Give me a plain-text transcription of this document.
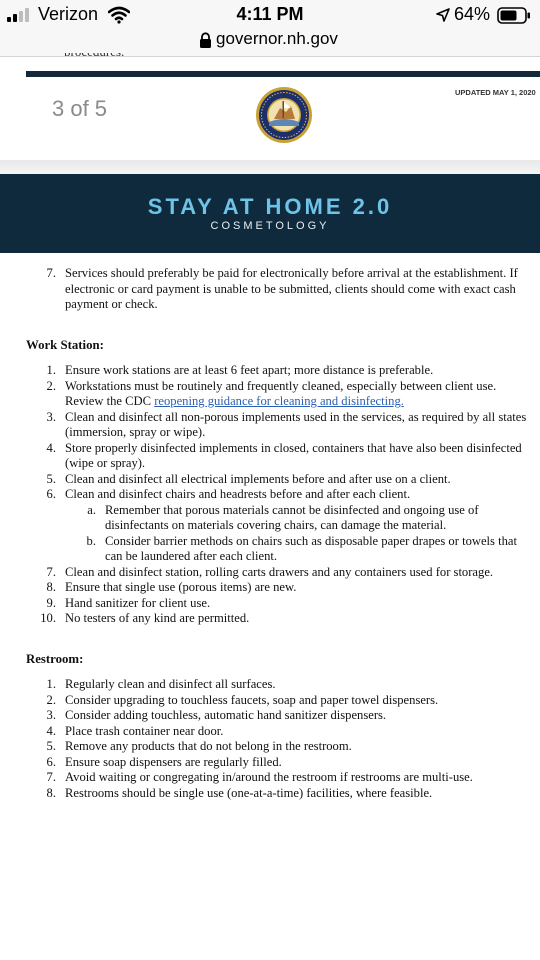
Verizon	4:11 PM	64%
governor.nh.gov
3 of 5
UPDATED MAY 1, 2020
STAY AT HOME 2.0
COSMETOLOGY
7. Services should preferably be paid for electronically before arrival at the establishment. If electronic or card payment is unable to be submitted, clients should come with exact cash payment or check.
Work Station:
1. Ensure work stations are at least 6 feet apart; more distance is preferable.
2. Workstations must be routinely and frequently cleaned, especially between client use. Review the CDC reopening guidance for cleaning and disinfecting.
3. Clean and disinfect all non-porous implements used in the services, as required by all states (immersion, spray or wipe).
4. Store properly disinfected implements in closed, containers that have also been disinfected (wipe or spray).
5. Clean and disinfect all electrical implements before and after use on a client.
6. Clean and disinfect chairs and headrests before and after each client.
a. Remember that porous materials cannot be disinfected and ongoing use of disinfectants on materials covering chairs, can damage the material.
b. Consider barrier methods on chairs such as disposable paper drapes or towels that can be laundered after each client.
7. Clean and disinfect station, rolling carts drawers and any containers used for storage.
8. Ensure that single use (porous items) are new.
9. Hand sanitizer for client use.
10. No testers of any kind are permitted.
Restroom:
1. Regularly clean and disinfect all surfaces.
2. Consider upgrading to touchless faucets, soap and paper towel dispensers.
3. Consider adding touchless, automatic hand sanitizer dispensers.
4. Place trash container near door.
5. Remove any products that do not belong in the restroom.
6. Ensure soap dispensers are regularly filled.
7. Avoid waiting or congregating in/around the restroom if restrooms are multi-use.
8. Restrooms should be single use (one-at-a-time) facilities, where feasible.
